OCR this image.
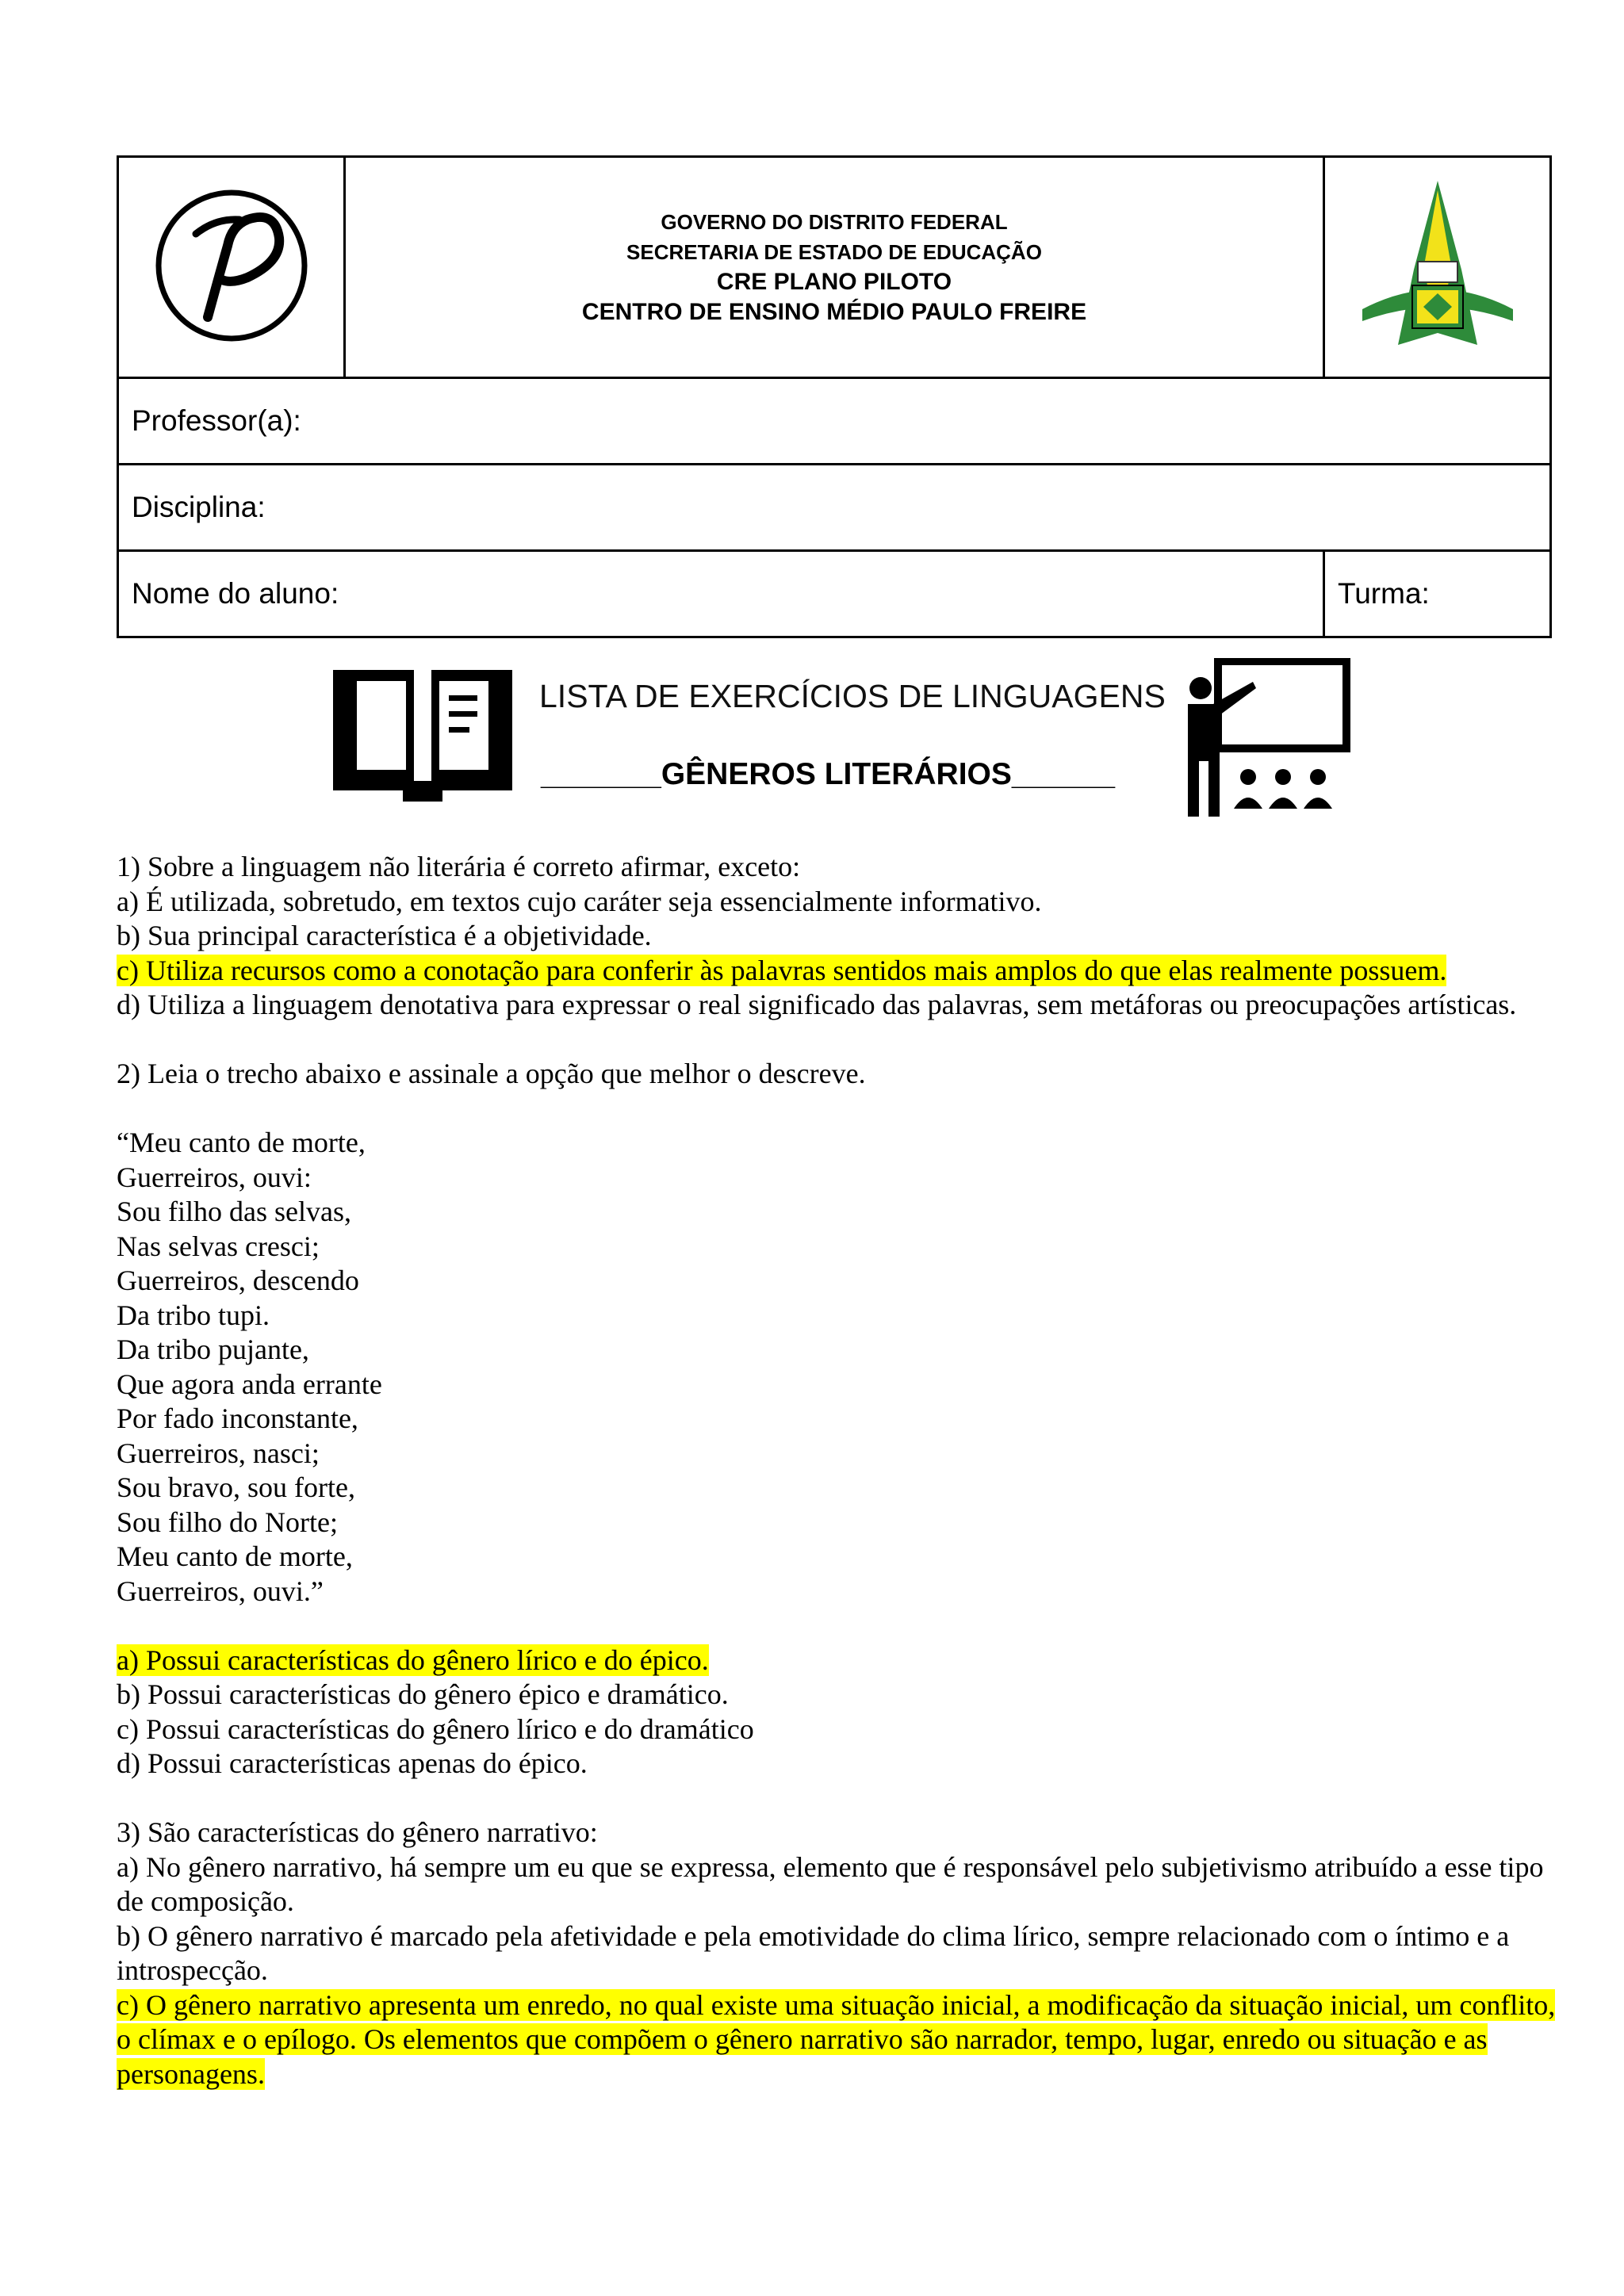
GOVERNO DO DISTRITO FEDERAL
SECRETARIA DE ESTADO DE EDUCAÇÃO
CRE PLANO PILOTO
CENTRO DE ENSINO MÉDIO PAULO FREIRE

Professor(a):		
Disciplina:		
Nome do aluno:		Turma:
LISTA DE EXERCÍCIOS DE LINGUAGENS
_______GÊNEROS LITERÁRIOS______

1) Sobre a linguagem não literária é correto afirmar, exceto:

a) É utilizada, sobretudo, em textos cujo caráter seja essencialmente informativo.

b) Sua principal característica é a objetividade.

c) Utiliza recursos como a conotação para conferir às palavras sentidos mais amplos do que elas realmente possuem.

d) Utiliza a linguagem denotativa para expressar o real significado das palavras, sem metáforas ou preocupações artísticas.

2) Leia o trecho abaixo e assinale a opção que melhor o descreve.

“Meu canto de morte,

Guerreiros, ouvi:

Sou filho das selvas,

Nas selvas cresci;

Guerreiros, descendo

Da tribo tupi.

Da tribo pujante,

Que agora anda errante

Por fado inconstante,

Guerreiros, nasci;

Sou bravo, sou forte,

Sou filho do Norte;

Meu canto de morte,

Guerreiros, ouvi.”

a) Possui características do gênero lírico e do épico.

b) Possui características do gênero épico e dramático.

c) Possui características do gênero lírico e do dramático

d) Possui características apenas do épico.

3) São características do gênero narrativo:

a) No gênero narrativo, há sempre um eu que se expressa, elemento que é responsável pelo subjetivismo atribuído a esse tipo de composição.

b) O gênero narrativo é marcado pela afetividade e pela emotividade do clima lírico, sempre relacionado com o íntimo e a introspecção.

c) O gênero narrativo apresenta um enredo, no qual existe uma situação inicial, a modificação da situação inicial, um conflito, o clímax e o epílogo. Os elementos que compõem o gênero narrativo são narrador, tempo, lugar, enredo ou situação e as personagens.
